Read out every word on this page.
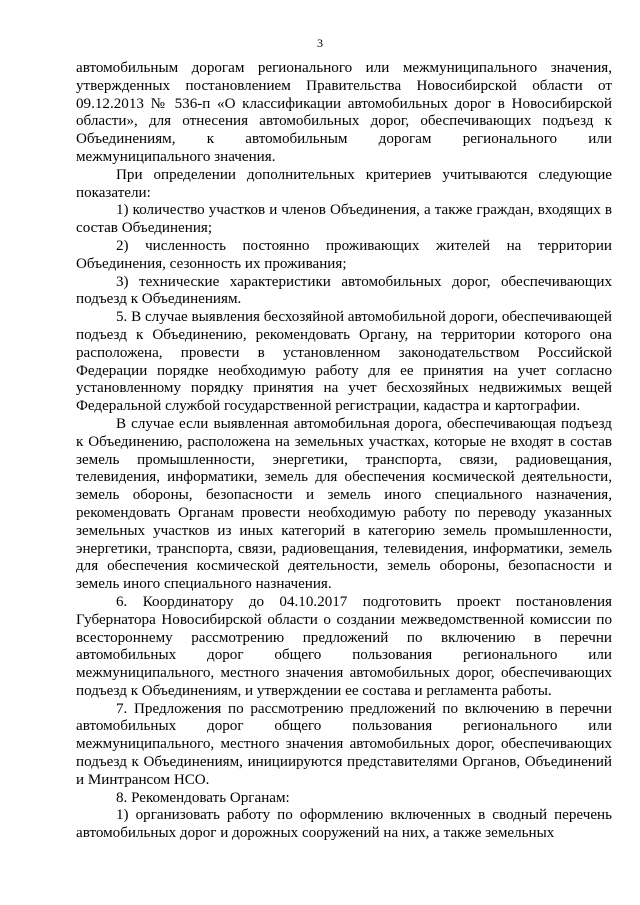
3

автомобильным дорогам регионального или межмуниципального значения, утвержденных постановлением Правительства Новосибирской области от 09.12.2013 № 536-п «О классификации автомобильных дорог в Новосибирской области», для отнесения автомобильных дорог, обеспечивающих подъезд к Объединениям, к автомобильным дорогам регионального или межмуниципального значения.

При определении дополнительных критериев учитываются следующие показатели:

1) количество участков и членов Объединения, а также граждан, входящих в состав Объединения;

2) численность постоянно проживающих жителей на территории Объединения, сезонность их проживания;

3) технические характеристики автомобильных дорог, обеспечивающих подъезд к Объединениям.

5. В случае выявления бесхозяйной автомобильной дороги, обеспечивающей подъезд к Объединению, рекомендовать Органу, на территории которого она расположена, провести в установленном законодательством Российской Федерации порядке необходимую работу для ее принятия на учет согласно установленному порядку принятия на учет бесхозяйных недвижимых вещей Федеральной службой государственной регистрации, кадастра и картографии.

В случае если выявленная автомобильная дорога, обеспечивающая подъезд к Объединению, расположена на земельных участках, которые не входят в состав земель промышленности, энергетики, транспорта, связи, радиовещания, телевидения, информатики, земель для обеспечения космической деятельности, земель обороны, безопасности и земель иного специального назначения, рекомендовать Органам провести необходимую работу по переводу указанных земельных участков из иных категорий в категорию земель промышленности, энергетики, транспорта, связи, радиовещания, телевидения, информатики, земель для обеспечения космической деятельности, земель обороны, безопасности и земель иного специального назначения.

6. Координатору до 04.10.2017 подготовить проект постановления Губернатора Новосибирской области о создании межведомственной комиссии по всестороннему рассмотрению предложений по включению в перечни автомобильных дорог общего пользования регионального или межмуниципального, местного значения автомобильных дорог, обеспечивающих подъезд к Объединениям, и утверждении ее состава и регламента работы.

7. Предложения по рассмотрению предложений по включению в перечни автомобильных дорог общего пользования регионального или межмуниципального, местного значения автомобильных дорог, обеспечивающих подъезд к Объединениям, инициируются представителями Органов, Объединений и Минтрансом НСО.

8. Рекомендовать Органам:

1) организовать работу по оформлению включенных в сводный перечень автомобильных дорог и дорожных сооружений на них, а также земельных
